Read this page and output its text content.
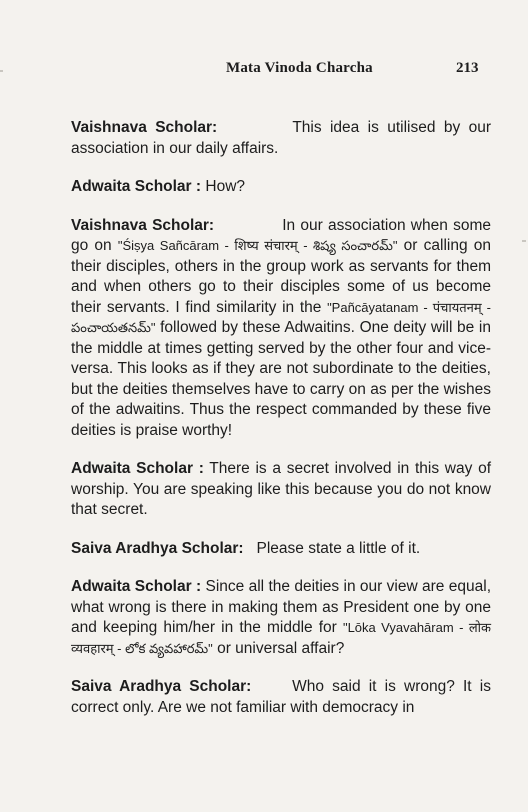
Mata Vinoda Charcha	213

Vaishnava Scholar:	This idea is utilised by our association in our daily affairs.

Adwaita Scholar : How?

Vaishnava Scholar:	In our association when some go on "Śiṣya Sañcāram - शिष्य संचारम् - శిష్య సంచారమ్" or calling on their disciples, others in the group work as servants for them and when others go to their disciples some of us become their servants. I find similarity in the "Pañcāyatanam - पंचायतनम् - పంచాయతనమ్" followed by these Adwaitins. One deity will be in the middle at times getting served by the other four and vice-versa. This looks as if they are not subordinate to the deities, but the deities themselves have to carry on as per the wishes of the adwaitins. Thus the respect commanded by these five deities is praise worthy!

Adwaita Scholar : There is a secret involved in this way of worship. You are speaking like this because you do not know that secret.

Saiva Aradhya Scholar: Please state a little of it.

Adwaita Scholar : Since all the deities in our view are equal, what wrong is there in making them as President one by one and keeping him/her in the middle for "Lōka Vyavahāram - लोक व्यवहारम् - లోక వ్యవహారమ్" or universal affair?

Saiva Aradhya Scholar:	Who said it is wrong? It is correct only. Are we not familiar with democracy in
